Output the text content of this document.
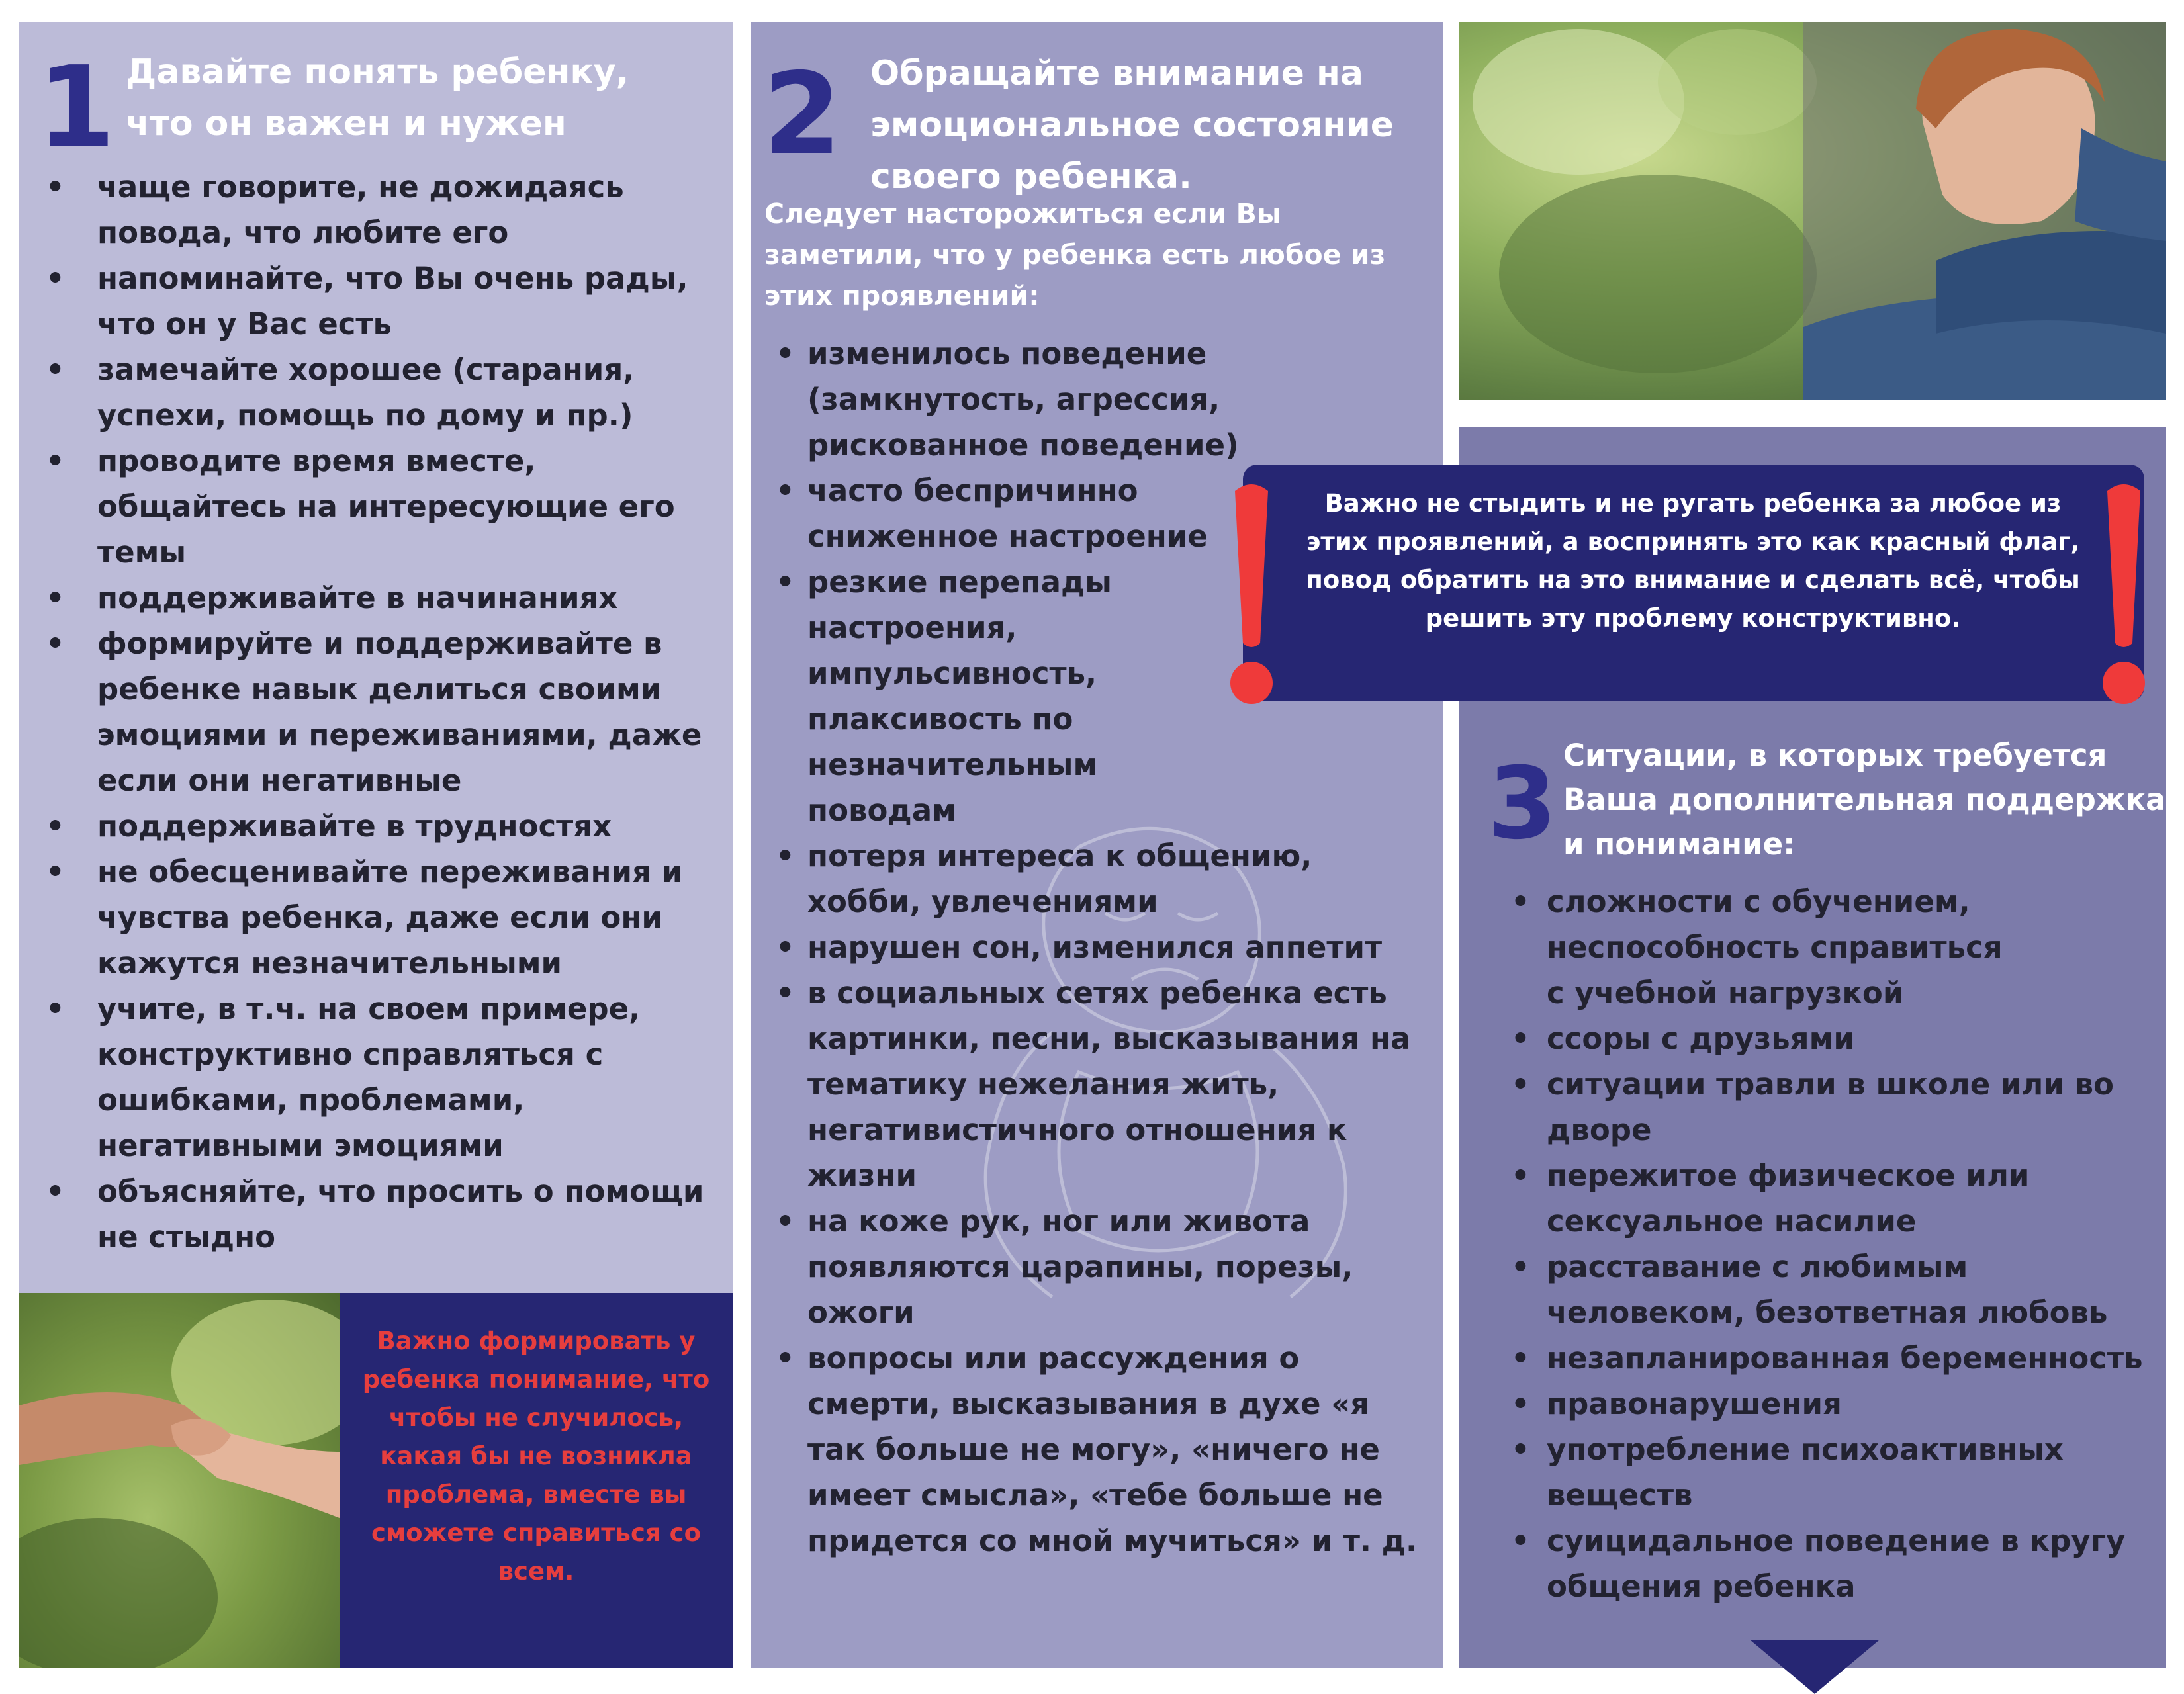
1 Давайте понять ребенку,
что он важен и нужен
• чаще говорите, не дожидаясь повода, что любите его
• напоминайте, что Вы очень рады, что он у Вас есть
• замечайте хорошее (старания, успехи, помощь по дому и пр.)
• проводите время вместе, общайтесь на интересующие его темы
• поддерживайте в начинаниях
• формируйте и поддерживайте в ребенке навык делиться своими эмоциями и переживаниями, даже если они негативные
• поддерживайте в трудностях
• не обесценивайте переживания и чувства ребенка, даже если они кажутся незначительными
• учите, в т.ч. на своем примере, конструктивно справляться с ошибками, проблемами, негативными эмоциями
• объясняйте, что просить о помощи не стыдно
Важно формировать у ребенка понимание, что чтобы не случилось, какая бы не возникла проблема, вместе вы сможете справиться со всем.
2 Обращайте внимание на
эмоциональное состояние
своего ребенка.
Следует насторожиться если Вы
заметили, что у ребенка есть любое из
этих проявлений:
• изменилось поведение (замкнутость, агрессия, рискованное поведение)
• часто беспричинно сниженное настроение
• резкие перепады настроения, импульсивность, плаксивость по незначительным поводам
• потеря интереса к общению, хобби, увлечениями
• нарушен сон, изменился аппетит
• в социальных сетях ребенка есть картинки, песни, высказывания на тематику нежелания жить, негативистичного отношения к жизни
• на коже рук, ног или живота появляются царапины, порезы, ожоги
• вопросы или рассуждения о смерти, высказывания в духе «я так больше не могу», «ничего не имеет смысла», «тебе больше не придется со мной мучиться» и т. д.
Важно не стыдить и не ругать ребенка за любое из этих проявлений, а воспринять это как красный флаг, повод обратить на это внимание и сделать всё, чтобы решить эту проблему конструктивно.
3 Ситуации, в которых требуется
Ваша дополнительная поддержка
и понимание:
• сложности с обучением, неспособность справиться с учебной нагрузкой
• ссоры с друзьями
• ситуации травли в школе или во дворе
• пережитое физическое или сексуальное насилие
• расставание с любимым человеком, безответная любовь
• незапланированная беременность
• правонарушения
• употребление психоактивных веществ
• суицидальное поведение в кругу общения ребенка
